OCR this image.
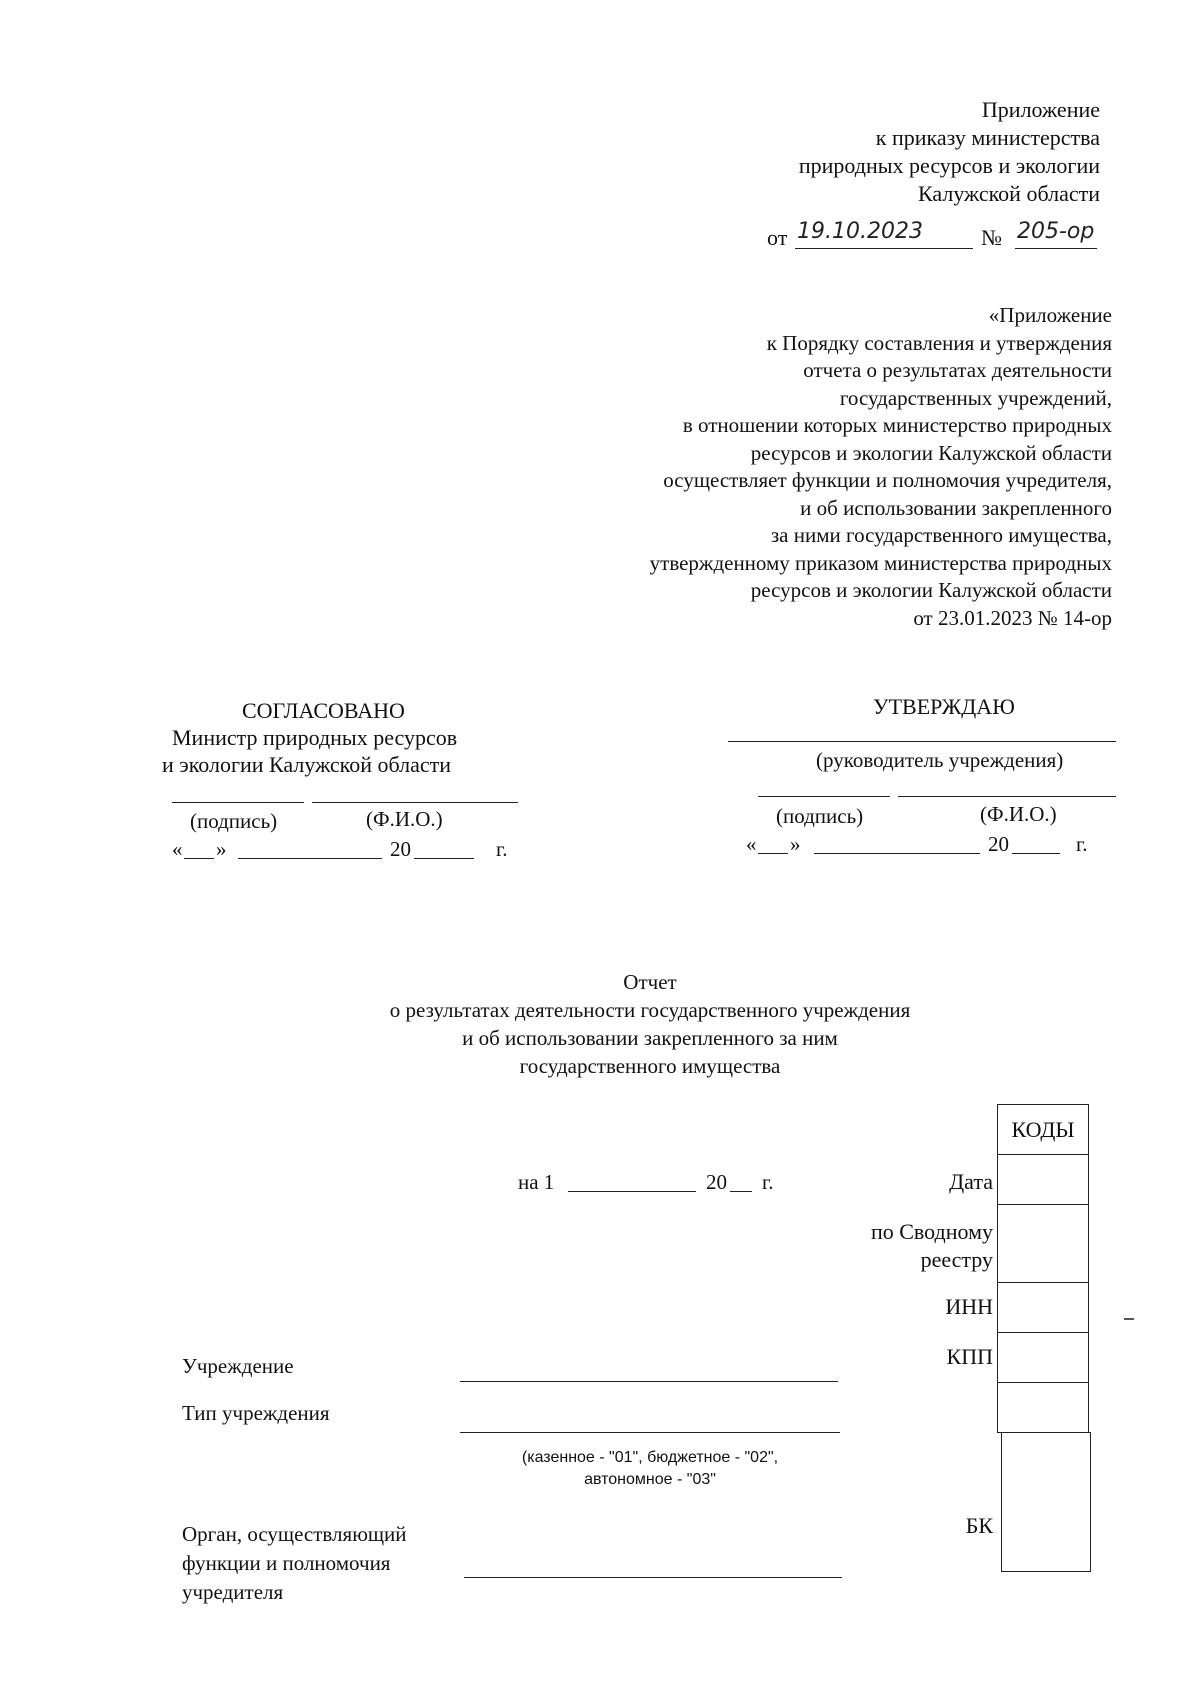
Приложение
к приказу министерства
природных ресурсов и экологии
Калужской области
от 19.10.2023	№ 205-ор
«Приложение
к Порядку составления и утверждения
отчета о результатах деятельности
государственных учреждений,
в отношении которых министерство природных
ресурсов и экологии Калужской области
осуществляет функции и полномочия учредителя,
и об использовании закрепленного
за ними государственного имущества,
утвержденному приказом министерства природных
ресурсов и экологии Калужской области
от 23.01.2023 № 14-ор
СОГЛАСОВАНО
Министр природных ресурсов
и экологии Калужской области
(подпись)	(Ф.И.О.)
« »	20	г.
УТВЕРЖДАЮ
(руководитель учреждения)
(подпись)	(Ф.И.О.)
« »	20	г.
Отчет
о результатах деятельности государственного учреждения
и об использовании закрепленного за ним
государственного имущества
на 1	20 г.
КОДЫ
Дата
по Сводному
реестру
ИНН
КПП
БК
Учреждение
Тип учреждения
(казенное - "01", бюджетное - "02",
автономное - "03"
Орган, осуществляющий
функции и полномочия
учредителя
